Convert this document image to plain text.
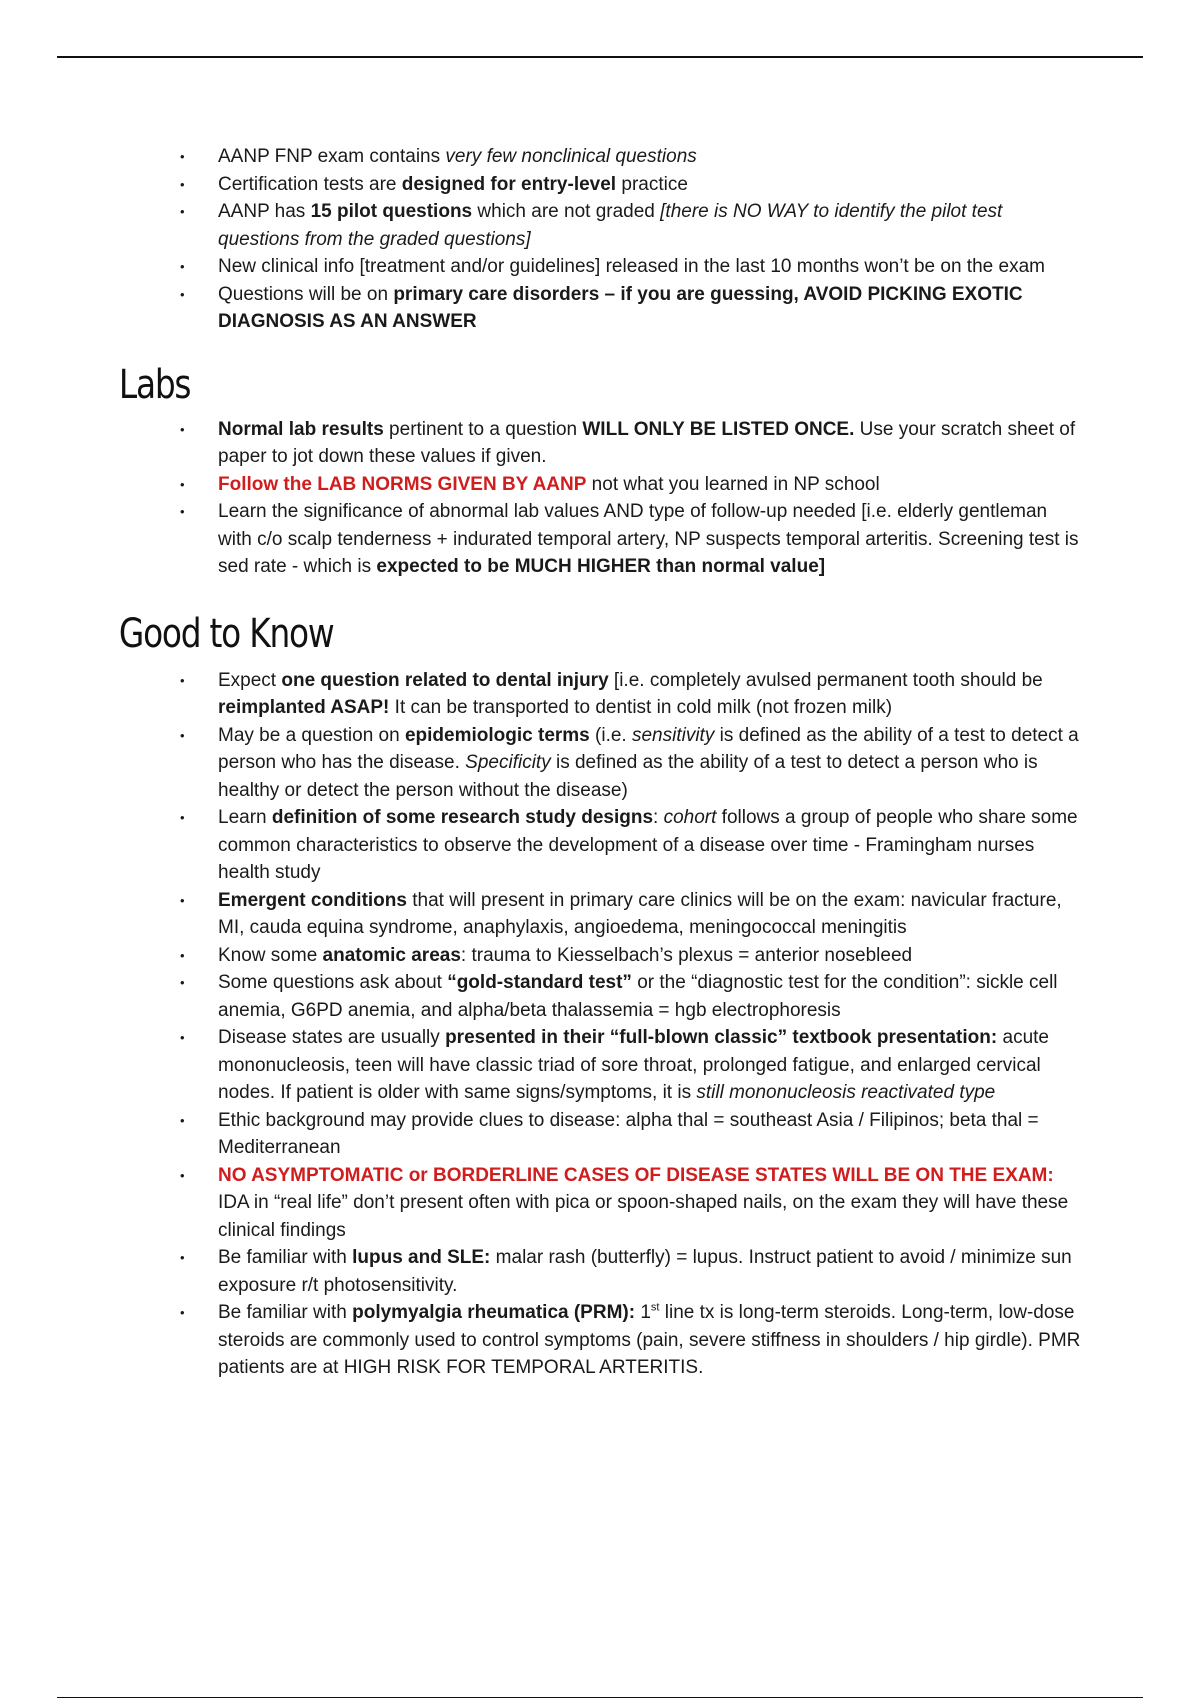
• AANP FNP exam contains very few nonclinical questions
• Certification tests are designed for entry-level practice
• AANP has 15 pilot questions which are not graded [there is NO WAY to identify the pilot test questions from the graded questions]
• New clinical info [treatment and/or guidelines] released in the last 10 months won’t be on the exam
• Questions will be on primary care disorders – if you are guessing, AVOID PICKING EXOTIC DIAGNOSIS AS AN ANSWER
Labs
• Normal lab results pertinent to a question WILL ONLY BE LISTED ONCE. Use your scratch sheet of paper to jot down these values if given.
• Follow the LAB NORMS GIVEN BY AANP not what you learned in NP school
• Learn the significance of abnormal lab values AND type of follow-up needed [i.e. elderly gentleman with c/o scalp tenderness + indurated temporal artery, NP suspects temporal arteritis. Screening test is sed rate - which is expected to be MUCH HIGHER than normal value]
Good to Know
• Expect one question related to dental injury [i.e. completely avulsed permanent tooth should be reimplanted ASAP! It can be transported to dentist in cold milk (not frozen milk)
• May be a question on epidemiologic terms (i.e. sensitivity is defined as the ability of a test to detect a person who has the disease. Specificity is defined as the ability of a test to detect a person who is healthy or detect the person without the disease)
• Learn definition of some research study designs: cohort follows a group of people who share some common characteristics to observe the development of a disease over time - Framingham nurses health study
• Emergent conditions that will present in primary care clinics will be on the exam: navicular fracture, MI, cauda equina syndrome, anaphylaxis, angioedema, meningococcal meningitis
• Know some anatomic areas: trauma to Kiesselbach’s plexus = anterior nosebleed
• Some questions ask about “gold-standard test” or the “diagnostic test for the condition”: sickle cell anemia, G6PD anemia, and alpha/beta thalassemia = hgb electrophoresis
• Disease states are usually presented in their “full-blown classic” textbook presentation: acute mononucleosis, teen will have classic triad of sore throat, prolonged fatigue, and enlarged cervical nodes. If patient is older with same signs/symptoms, it is still mononucleosis reactivated type
• Ethic background may provide clues to disease: alpha thal = southeast Asia / Filipinos; beta thal = Mediterranean
• NO ASYMPTOMATIC or BORDERLINE CASES OF DISEASE STATES WILL BE ON THE EXAM: IDA in “real life” don’t present often with pica or spoon-shaped nails, on the exam they will have these clinical findings
• Be familiar with lupus and SLE: malar rash (butterfly) = lupus. Instruct patient to avoid / minimize sun exposure r/t photosensitivity.
• Be familiar with polymyalgia rheumatica (PRM): 1st line tx is long-term steroids. Long-term, low-dose steroids are commonly used to control symptoms (pain, severe stiffness in shoulders / hip girdle). PMR patients are at HIGH RISK FOR TEMPORAL ARTERITIS.
